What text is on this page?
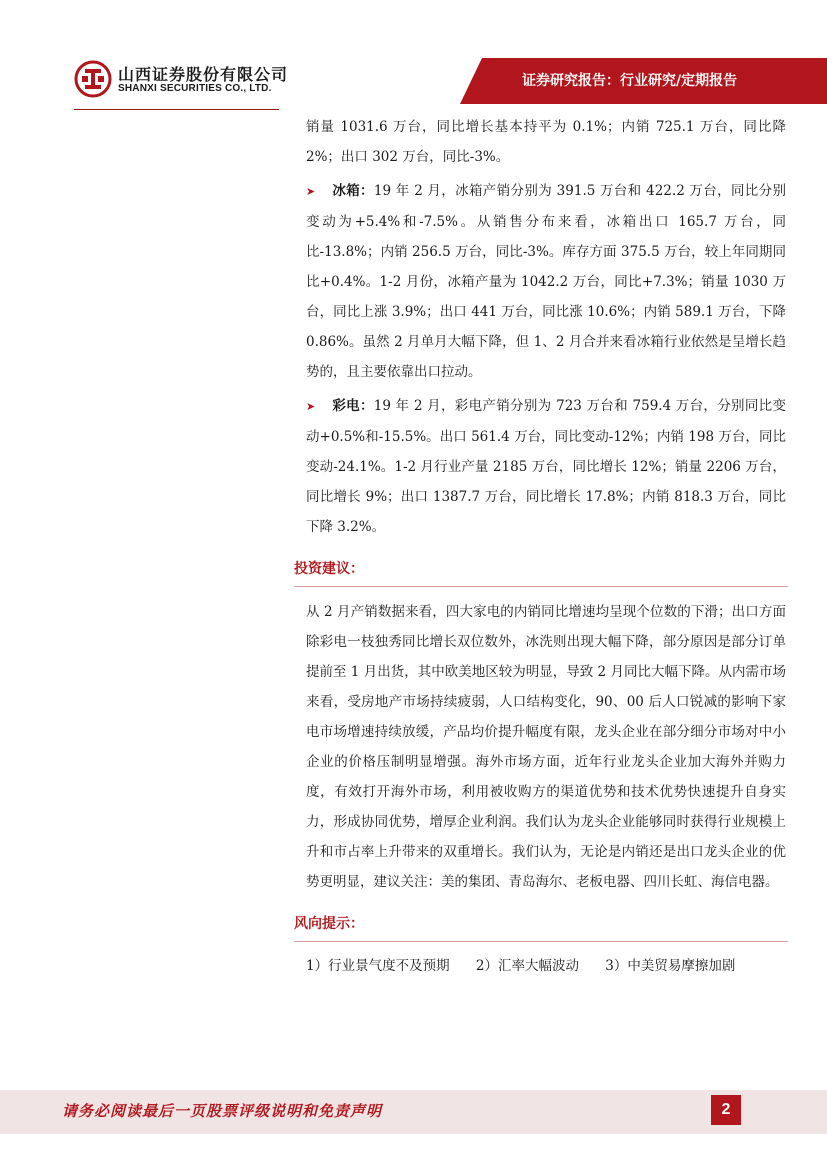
山西证券股份有限公司
SHANXI SECURITIES CO., LTD.	证券研究报告：行业研究/定期报告

销量 1031.6 万台，同比增长基本持平为 0.1%；内销 725.1 万台，同比降 2%；出口 302 万台，同比-3%。

➤ 冰箱：19 年 2 月，冰箱产销分别为 391.5 万台和 422.2 万台，同比分别变动为+5.4%和-7.5%。从销售分布来看，冰箱出口 165.7 万台，同比-13.8%；内销 256.5 万台，同比-3%。库存方面 375.5 万台，较上年同期同比+0.4%。1-2 月份，冰箱产量为 1042.2 万台，同比+7.3%；销量 1030 万台，同比上涨 3.9%；出口 441 万台，同比涨 10.6%；内销 589.1 万台，下降 0.86%。虽然 2 月单月大幅下降，但 1、2 月合并来看冰箱行业依然是呈增长趋势的，且主要依靠出口拉动。

➤ 彩电：19 年 2 月，彩电产销分别为 723 万台和 759.4 万台，分别同比变动+0.5%和-15.5%。出口 561.4 万台，同比变动-12%；内销 198 万台，同比变动-24.1%。1-2 月行业产量 2185 万台，同比增长 12%；销量 2206 万台，同比增长 9%；出口 1387.7 万台，同比增长 17.8%；内销 818.3 万台，同比下降 3.2%。

投资建议：

从 2 月产销数据来看，四大家电的内销同比增速均呈现个位数的下滑；出口方面除彩电一枝独秀同比增长双位数外，冰洗则出现大幅下降，部分原因是部分订单提前至 1 月出货，其中欧美地区较为明显，导致 2 月同比大幅下降。从内需市场来看，受房地产市场持续疲弱，人口结构变化，90、00 后人口锐减的影响下家电市场增速持续放缓，产品均价提升幅度有限，龙头企业在部分细分市场对中小企业的价格压制明显增强。海外市场方面，近年行业龙头企业加大海外并购力度，有效打开海外市场，利用被收购方的渠道优势和技术优势快速提升自身实力，形成协同优势，增厚企业利润。我们认为龙头企业能够同时获得行业规模上升和市占率上升带来的双重增长。我们认为，无论是内销还是出口龙头企业的优势更明显，建议关注：美的集团、青岛海尔、老板电器、四川长虹、海信电器。

风向提示：
1）行业景气度不及预期 2）汇率大幅波动 3）中美贸易摩擦加剧
请务必阅读最后一页股票评级说明和免责声明	2
